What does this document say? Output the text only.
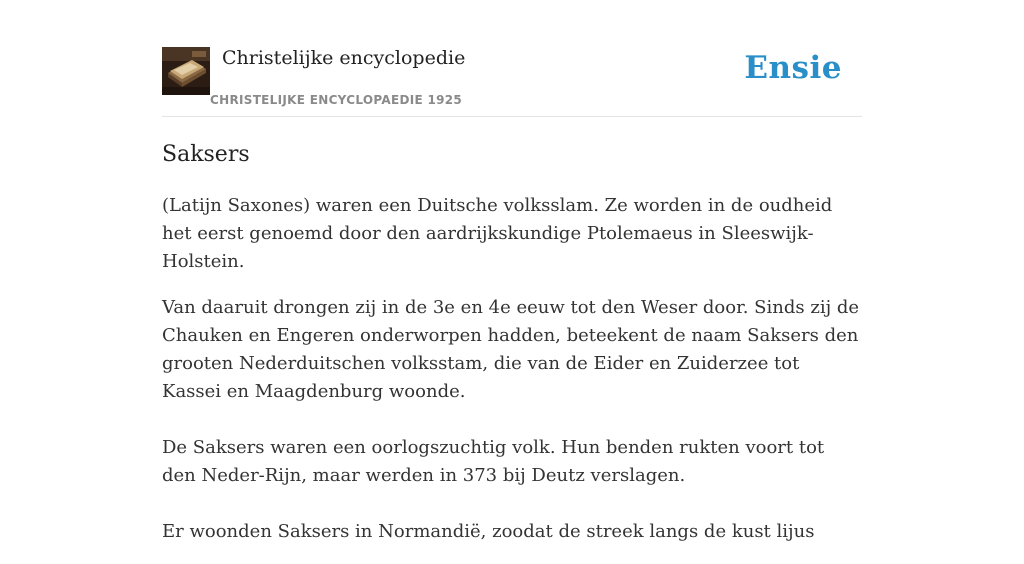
Christelijke encyclopedie
CHRISTELIJKE ENCYCLOPAEDIE 1925
Ensie
Saksers

(Latijn Saxones) waren een Duitsche volksslam. Ze worden in de oudheid het eerst genoemd door den aardrijkskundige Ptolemaeus in Sleeswijk-Holstein.

Van daaruit drongen zij in de 3e en 4e eeuw tot den Weser door. Sinds zij de Chauken en Engeren onderworpen hadden, beteekent de naam Saksers den grooten Nederduitschen volksstam, die van de Eider en Zuiderzee tot Kassei en Maagdenburg woonde.

De Saksers waren een oorlogszuchtig volk. Hun benden rukten voort tot den Neder-Rijn, maar werden in 373 bij Deutz verslagen.

Er woonden Saksers in Normandië, zoodat de streek langs de kust lijus
